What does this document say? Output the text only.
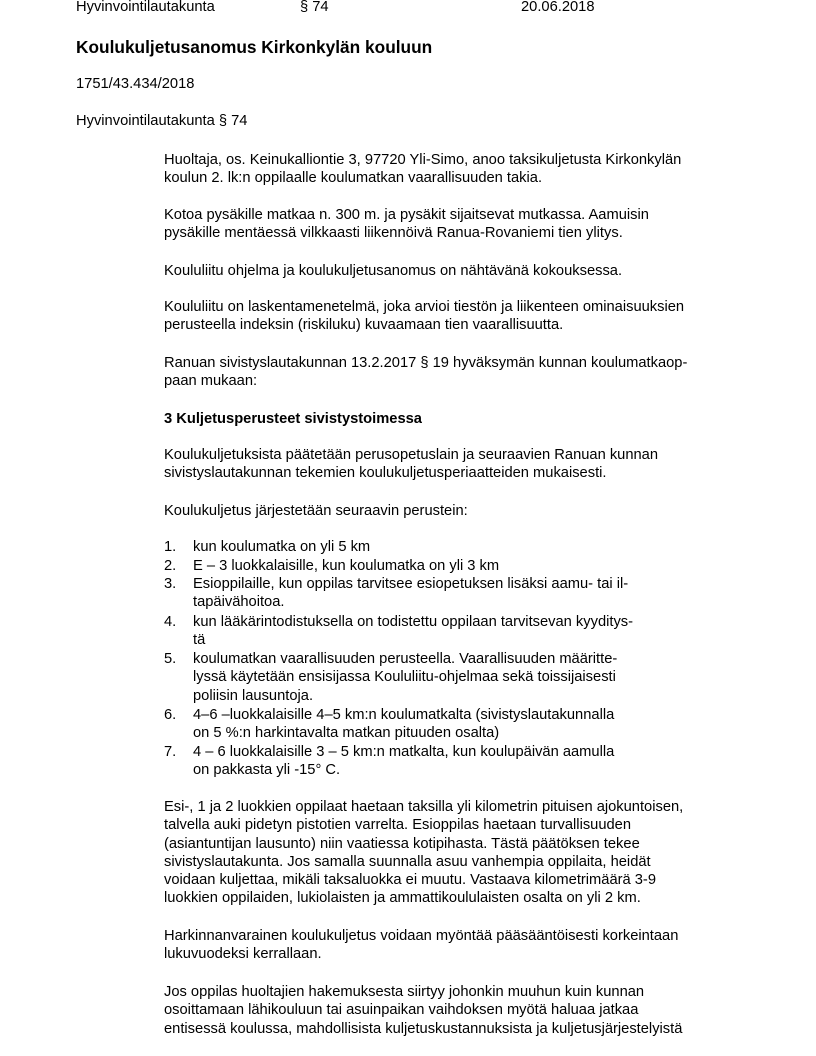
Hyvinvointilautakunta	§ 74	20.06.2018
Koulukuljetusanomus Kirkonkylän kouluun
1751/43.434/2018
Hyvinvointilautakunta § 74
Huoltaja, os. Keinukalliontie 3, 97720 Yli-Simo, anoo taksikuljetusta Kirkonkylän
koulun 2. lk:n oppilaalle koulumatkan vaarallisuuden takia.
Kotoa pysäkille matkaa n. 300 m. ja pysäkit sijaitsevat mutkassa. Aamuisin
pysäkille mentäessä vilkkaasti liikennöivä Ranua-Rovaniemi tien ylitys.
Koululiitu ohjelma ja koulukuljetusanomus on nähtävänä kokouksessa.
Koululiitu on laskentamenetelmä, joka arvioi tiestön ja liikenteen ominaisuuksien
perusteella indeksin (riskiluku) kuvaamaan tien vaarallisuutta.
Ranuan sivistyslautakunnan 13.2.2017 § 19 hyväksymän kunnan koulumatkaop-
paan mukaan:
3 Kuljetusperusteet sivistystoimessa
Koulukuljetuksista päätetään perusopetuslain ja seuraavien Ranuan kunnan
sivistyslautakunnan tekemien koulukuljetusperiaatteiden mukaisesti.
Koulukuljetus järjestetään seuraavin perustein:
1. kun koulumatka on yli 5 km
2. E – 3 luokkalaisille, kun koulumatka on yli 3 km
3. Esioppilaille, kun oppilas tarvitsee esiopetuksen lisäksi aamu- tai il-
tapäivähoitoa.
4. kun lääkärintodistuksella on todistettu oppilaan tarvitsevan kyyditys-
tä
5. koulumatkan vaarallisuuden perusteella. Vaarallisuuden määritte-
lyssä käytetään ensisijassa Koululiitu-ohjelmaa sekä toissijaisesti
poliisin lausuntoja.
6. 4–6 –luokkalaisille 4–5 km:n koulumatkalta (sivistyslautakunnalla
on 5 %:n harkintavalta matkan pituuden osalta)
7. 4 – 6 luokkalaisille 3 – 5 km:n matkalta, kun koulupäivän aamulla
on pakkasta yli -15° C.
Esi-, 1 ja 2 luokkien oppilaat haetaan taksilla yli kilometrin pituisen ajokuntoisen,
talvella auki pidetyn pistotien varrelta. Esioppilas haetaan turvallisuuden
(asiantuntijan lausunto) niin vaatiessa kotipihasta. Tästä päätöksen tekee
sivistyslautakunta. Jos samalla suunnalla asuu vanhempia oppilaita, heidät
voidaan kuljettaa, mikäli taksaluokka ei muutu. Vastaava kilometrimäärä 3-9
luokkien oppilaiden, lukiolaisten ja ammattikoululaisten osalta on yli 2 km.
Harkinnanvarainen koulukuljetus voidaan myöntää pääsääntöisesti korkeintaan
lukuvuodeksi kerrallaan.
Jos oppilas huoltajien hakemuksesta siirtyy johonkin muuhun kuin kunnan
osoittamaan lähikouluun tai asuinpaikan vaihdoksen myötä haluaa jatkaa
entisessä koulussa, mahdollisista kuljetuskustannuksista ja kuljetusjärjestelyistä
